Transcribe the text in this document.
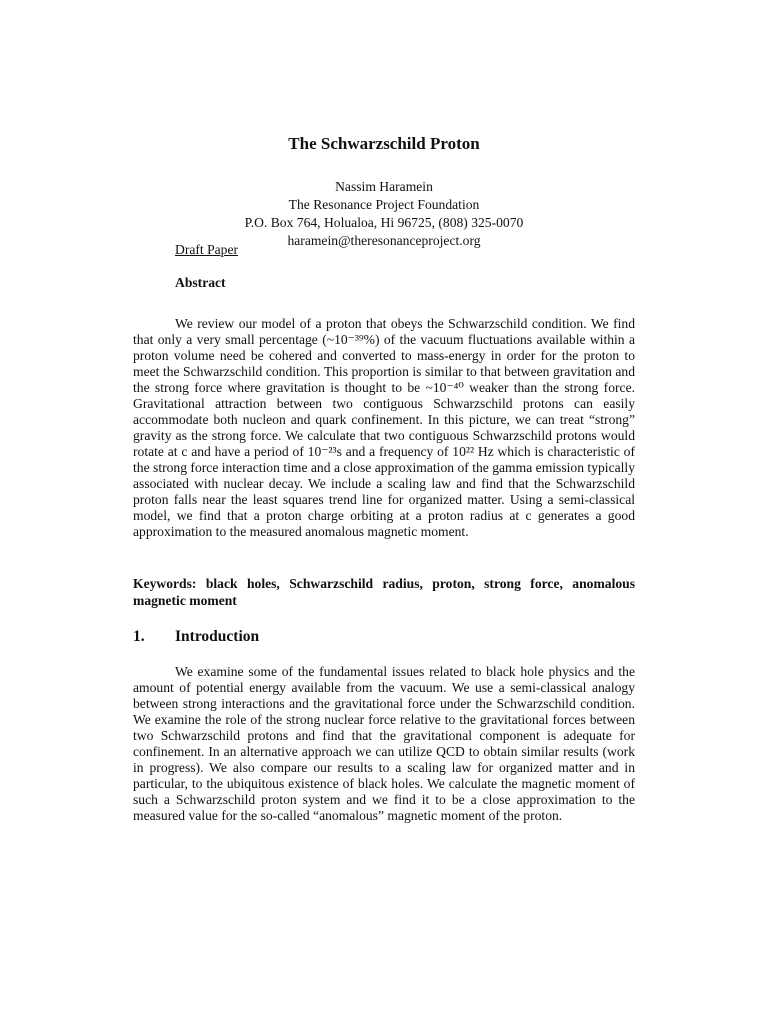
The Schwarzschild Proton
Nassim Haramein
The Resonance Project Foundation
P.O. Box 764, Holualoa, Hi 96725, (808) 325-0070
haramein@theresonanceproject.org
Draft Paper
Abstract

We review our model of a proton that obeys the Schwarzschild condition. We find that only a very small percentage (~10⁻³⁹%) of the vacuum fluctuations available within a proton volume need be cohered and converted to mass-energy in order for the proton to meet the Schwarzschild condition. This proportion is similar to that between gravitation and the strong force where gravitation is thought to be ~10⁻⁴⁰ weaker than the strong force. Gravitational attraction between two contiguous Schwarzschild protons can easily accommodate both nucleon and quark confinement. In this picture, we can treat “strong” gravity as the strong force. We calculate that two contiguous Schwarzschild protons would rotate at c and have a period of 10⁻²³s and a frequency of 10²² Hz which is characteristic of the strong force interaction time and a close approximation of the gamma emission typically associated with nuclear decay. We include a scaling law and find that the Schwarzschild proton falls near the least squares trend line for organized matter. Using a semi-classical model, we find that a proton charge orbiting at a proton radius at c generates a good approximation to the measured anomalous magnetic moment.

Keywords: black holes, Schwarzschild radius, proton, strong force, anomalous magnetic moment
1. Introduction

We examine some of the fundamental issues related to black hole physics and the amount of potential energy available from the vacuum. We use a semi-classical analogy between strong interactions and the gravitational force under the Schwarzschild condition. We examine the role of the strong nuclear force relative to the gravitational forces between two Schwarzschild protons and find that the gravitational component is adequate for confinement. In an alternative approach we can utilize QCD to obtain similar results (work in progress). We also compare our results to a scaling law for organized matter and in particular, to the ubiquitous existence of black holes. We calculate the magnetic moment of such a Schwarzschild proton system and we find it to be a close approximation to the measured value for the so-called “anomalous” magnetic moment of the proton.
